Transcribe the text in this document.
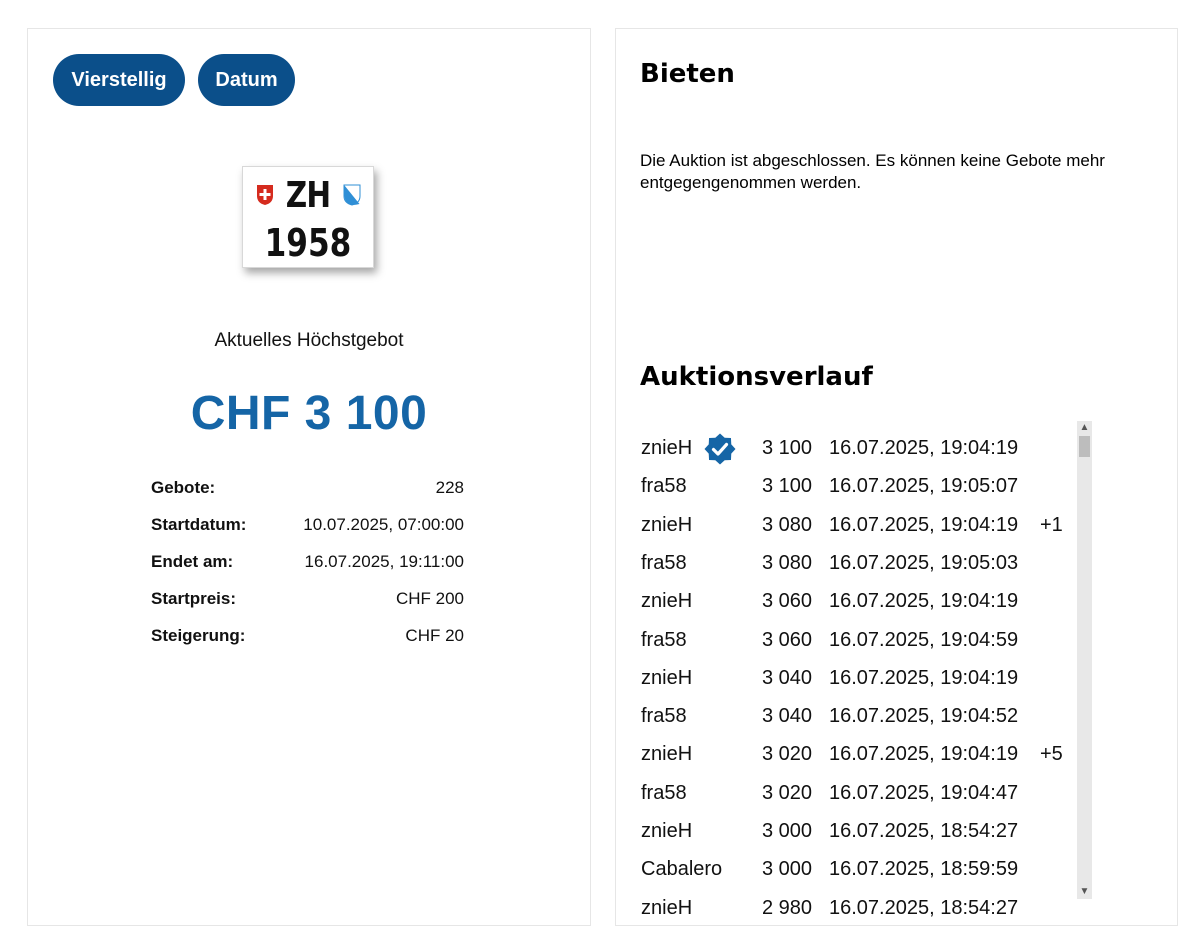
Vierstellig	Datum
ZH
1958
Aktuelles Höchstgebot
CHF 3 100
Gebote:	228
Startdatum:	10.07.2025, 07:00:00
Endet am:	16.07.2025, 19:11:00
Startpreis:	CHF 200
Steigerung:	CHF 20
Bieten
Die Auktion ist abgeschlossen. Es können keine Gebote mehr entgegengenommen werden.
Auktionsverlauf
znieH	3 100 16.07.2025, 19:04:19
fra58	3 100 16.07.2025, 19:05:07
znieH	3 080 16.07.2025, 19:04:19 +1
fra58	3 080 16.07.2025, 19:05:03
znieH	3 060 16.07.2025, 19:04:19
fra58	3 060 16.07.2025, 19:04:59
znieH	3 040 16.07.2025, 19:04:19
fra58	3 040 16.07.2025, 19:04:52
znieH	3 020 16.07.2025, 19:04:19 +5
fra58	3 020 16.07.2025, 19:04:47
znieH	3 000 16.07.2025, 18:54:27
Cabalero 3 000 16.07.2025, 18:59:59
znieH	2 980 16.07.2025, 18:54:27
▲
▼
